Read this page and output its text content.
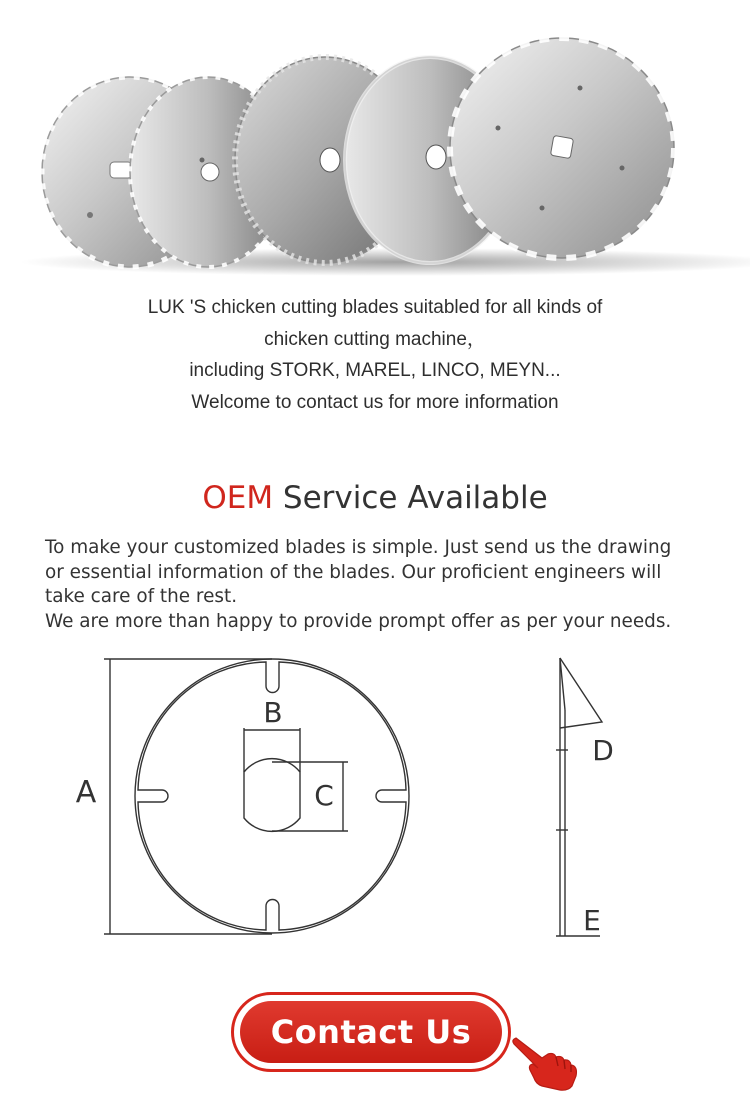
LUK 'S chicken cutting blades suitabled for all kinds of
chicken cutting machine，
including STORK, MAREL, LINCO, MEYN...
Welcome to contact us for more information
OEM Service Available
To make your customized blades is simple. Just send us the drawing
or essential information of the blades. Our proficient engineers will
take care of the rest.
We are more than happy to provide prompt offer as per your needs.
A
B
C
D
E
Contact Us
